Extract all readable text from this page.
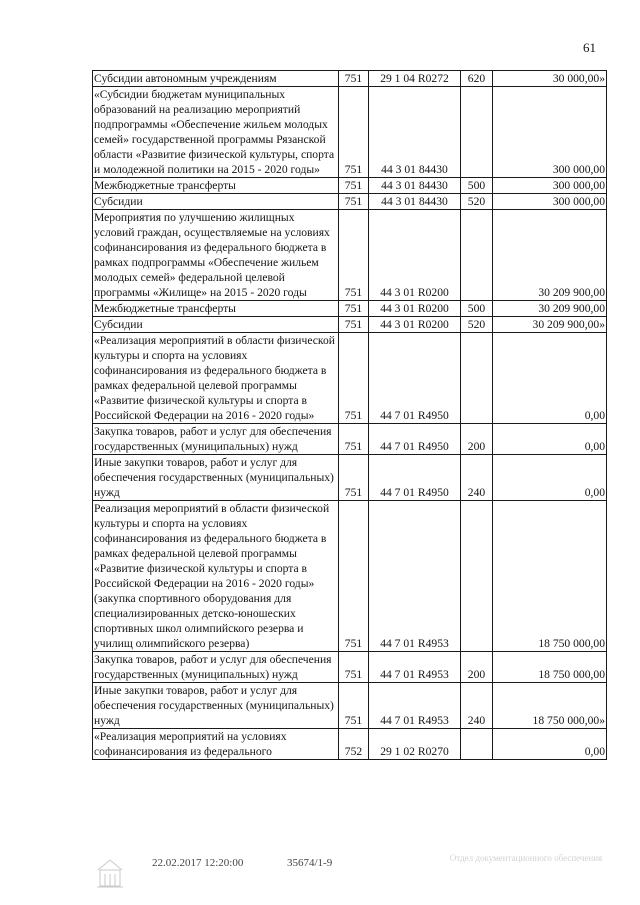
61
Субсидии автономным учреждениям	751	29 1 04 R0272	620	30 000,00»
«Субсидии бюджетам муниципальных образований на реализацию мероприятий подпрограммы «Обеспечение жильем молодых семей» государственной программы Рязанской области «Развитие физической культуры, спорта и молодежной политики на 2015 - 2020 годы»	751	44 3 01 84430		300 000,00
Межбюджетные трансферты	751	44 3 01 84430	500	300 000,00
Субсидии	751	44 3 01 84430	520	300 000,00
Мероприятия по улучшению жилищных условий граждан, осуществляемые на условиях софинансирования из федерального бюджета в рамках подпрограммы «Обеспечение жильем молодых семей» федеральной целевой программы «Жилище» на 2015 - 2020 годы	751	44 3 01 R0200		30 209 900,00
Межбюджетные трансферты	751	44 3 01 R0200	500	30 209 900,00
Субсидии	751	44 3 01 R0200	520	30 209 900,00»
«Реализация мероприятий в области физической культуры и спорта на условиях софинансирования из федерального бюджета в рамках федеральной целевой программы «Развитие физической культуры и спорта в Российской Федерации на 2016 - 2020 годы»	751	44 7 01 R4950		0,00
Закупка товаров, работ и услуг для обеспечения государственных (муниципальных) нужд	751	44 7 01 R4950	200	0,00
Иные закупки товаров, работ и услуг для обеспечения государственных (муниципальных) нужд	751	44 7 01 R4950	240	0,00
Реализация мероприятий в области физической культуры и спорта на условиях софинансирования из федерального бюджета в рамках федеральной целевой программы «Развитие физической культуры и спорта в Российской Федерации на 2016 - 2020 годы» (закупка спортивного оборудования для специализированных детско-юношеских спортивных школ олимпийского резерва и училищ олимпийского резерва)	751	44 7 01 R4953		18 750 000,00
Закупка товаров, работ и услуг для обеспечения государственных (муниципальных) нужд	751	44 7 01 R4953	200	18 750 000,00
Иные закупки товаров, работ и услуг для обеспечения государственных (муниципальных) нужд	751	44 7 01 R4953	240	18 750 000,00»
«Реализация мероприятий на условиях софинансирования из федерального	752	29 1 02 R0270		0,00
22.02.2017 12:20:00	35674/1-9	Отдел документационного обеспечения
